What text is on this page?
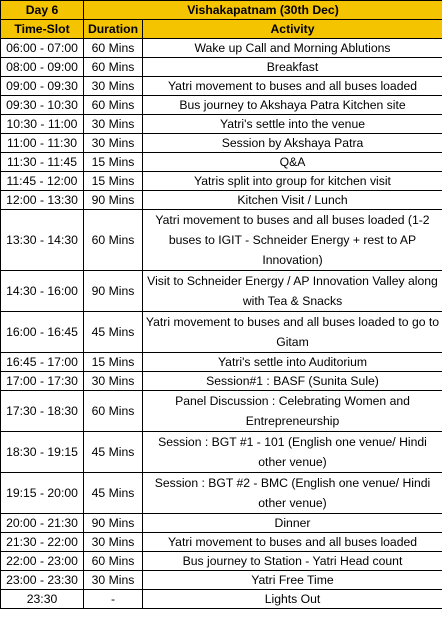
Day 6	Vishakapatnam (30th Dec)	
Time-Slot	Duration	Activity
06:00 - 07:00	60 Mins	Wake up Call and Morning Ablutions
08:00 - 09:00	60 Mins	Breakfast
09:00 - 09:30	30 Mins	Yatri movement to buses and all buses loaded
09:30 - 10:30	60 Mins	Bus journey to Akshaya Patra Kitchen site
10:30 - 11:00	30 Mins	Yatri's settle into the venue
11:00 - 11:30	30 Mins	Session by Akshaya Patra
11:30 - 11:45	15 Mins	Q&A
11:45 - 12:00	15 Mins	Yatris split into group for kitchen visit
12:00 - 13:30	90 Mins	Kitchen Visit / Lunch
13:30 - 14:30	60 Mins	Yatri movement to buses and all buses loaded (1-2 buses to IGIT - Schneider Energy + rest to AP Innovation)
14:30 - 16:00	90 Mins	Visit to Schneider Energy / AP Innovation Valley along with Tea & Snacks
16:00 - 16:45	45 Mins	Yatri movement to buses and all buses loaded to go to Gitam
16:45 - 17:00	15 Mins	Yatri's settle into Auditorium
17:00 - 17:30	30 Mins	Session#1 : BASF (Sunita Sule)
17:30 - 18:30	60 Mins	Panel Discussion : Celebrating Women and Entrepreneurship
18:30 - 19:15	45 Mins	Session : BGT #1 - 101 (English one venue/ Hindi other venue)
19:15 - 20:00	45 Mins	Session : BGT #2 - BMC (English one venue/ Hindi other venue)
20:00 - 21:30	90 Mins	Dinner
21:30 - 22:00	30 Mins	Yatri movement to buses and all buses loaded
22:00 - 23:00	60 Mins	Bus journey to Station - Yatri Head count
23:00 - 23:30	30 Mins	Yatri Free Time
23:30	-	Lights Out
